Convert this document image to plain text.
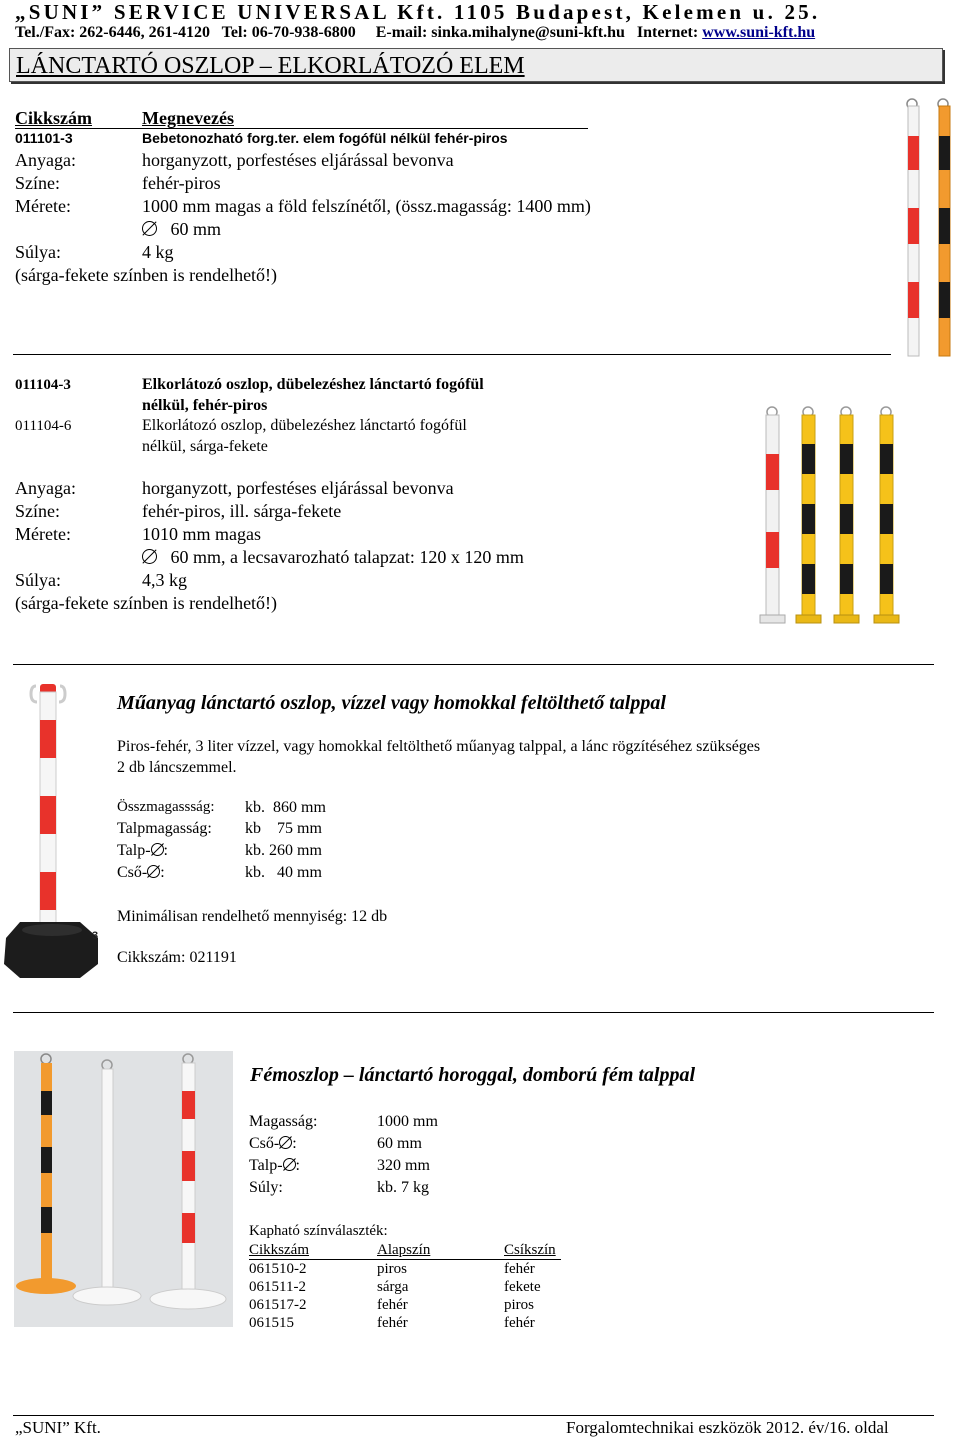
„SUNI” SERVICE UNIVERSAL Kft. 1105 Budapest, Kelemen u. 25.
Tel./Fax: 262-6446, 261-4120   Tel: 06-70-938-6800     E-mail: sinka.mihalyne@suni-kft.hu   Internet: www.suni-kft.hu
LÁNCTARTÓ OSZLOP – ELKORLÁTOZÓ ELEM
Cikkszám	Megnevezés
011101-3	Bebetonozható forg.ter. elem fogófül nélkül fehér-piros
Anyaga:	horganyzott, porfestéses eljárással bevonva
Színe:	fehér-piros
Mérete:	1000 mm magas a föld felszínétől, (össz.magasság: 1400 mm)
60 mm
Súlya:	4 kg
(sárga-fekete színben is rendelhető!)
011104-3	Elkorlátozó oszlop, dübelezéshez lánctartó fogófül
nélkül, fehér-piros
011104-6	Elkorlátozó oszlop, dübelezéshez lánctartó fogófül
nélkül, sárga-fekete
Anyaga:	horganyzott, porfestéses eljárással bevonva
Színe:	fehér-piros, ill. sárga-fekete
Mérete:	1010 mm magas
60 mm, a lecsavarozható talapzat: 120 x 120 mm
Súlya:	4,3 kg
(sárga-fekete színben is rendelhető!)
3
Műanyag lánctartó oszlop, vízzel vagy homokkal feltölthető talppal
Piros-fehér, 3 liter vízzel, vagy homokkal feltölthető műanyag talppal, a lánc rögzítéséhez szükséges
2 db láncszemmel.
Összmagassság: kb.  860 mm
Talpmagasság: kb    75 mm
Talp- :	kb. 260 mm
Cső- :	kb.   40 mm
Minimálisan rendelhető mennyiség: 12 db
Cikkszám: 021191
Fémoszlop – lánctartó horoggal, domború fém talppal
Magasság:	1000 mm
Cső- :	60 mm
Talp- :	320 mm
Súly:	kb. 7 kg
Kapható színválaszték:
Cikkszám	Alapszín	Csíkszín
061510-2	piros	fehér
061511-2	sárga	fekete
061517-2	fehér	piros
061515	fehér	fehér
„SUNI” Kft.	Forgalomtechnikai eszközök 2012. év/16. oldal
